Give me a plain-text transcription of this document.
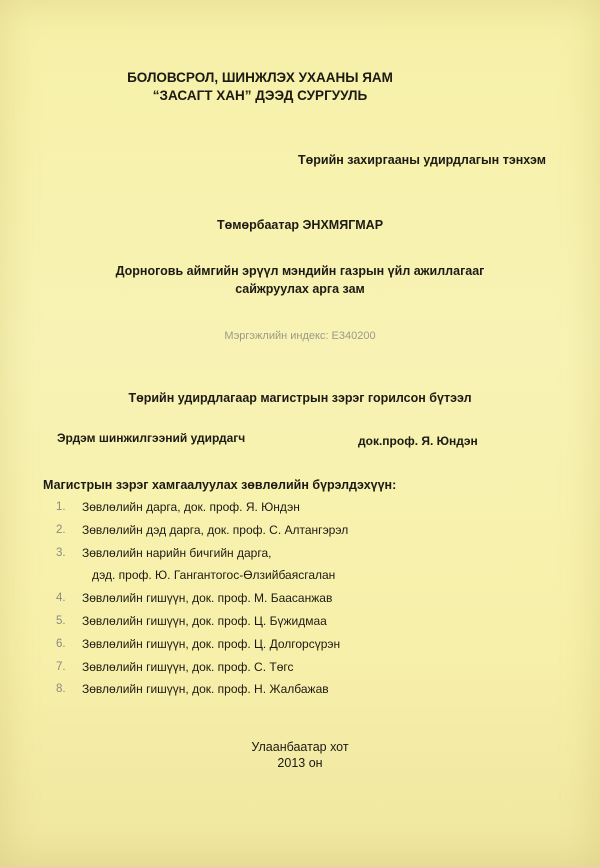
БОЛОВСРОЛ, ШИНЖЛЭХ УХААНЫ ЯАМ
“ЗАСАГТ ХАН” ДЭЭД СУРГУУЛЬ
Төрийн захиргааны удирдлагын тэнхэм
Төмөрбаатар ЭНХМЯГМАР
Дорноговь аймгийн эрүүл мэндийн газрын үйл ажиллагааг
сайжруулах арга зам
Мэргэжлийн индекс: Е340200
Төрийн удирдлагаар магистрын зэрэг горилсон бүтээл
Эрдэм шинжилгээний удирдагч	док.проф. Я. Юндэн
Магистрын зэрэг хамгаалуулах зөвлөлийн бүрэлдэхүүн:
1. Зөвлөлийн дарга, док. проф. Я. Юндэн
2. Зөвлөлийн дэд дарга, док. проф. С. Алтангэрэл
3. Зөвлөлийн нарийн бичгийн дарга,
дэд. проф. Ю. Гангантогос-Өлзийбаясгалан
4. Зөвлөлийн гишүүн, док. проф. М. Баасанжав
5. Зөвлөлийн гишүүн, док. проф. Ц. Бүжидмаа
6. Зөвлөлийн гишүүн, док. проф. Ц. Долгорсүрэн
7. Зөвлөлийн гишүүн, док. проф. С. Төгс
8. Зөвлөлийн гишүүн, док. проф. Н. Жалбажав
Улаанбаатар хот
2013 он
